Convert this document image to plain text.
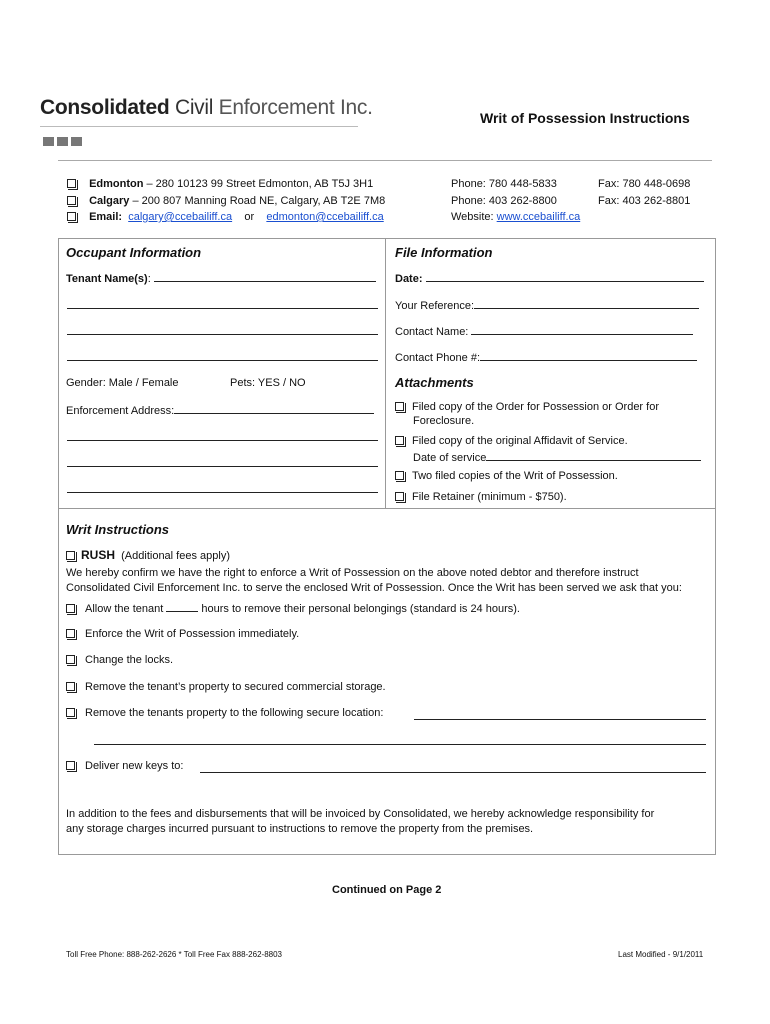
Consolidated Civil Enforcement Inc.	Writ of Possession Instructions
Edmonton – 280 10123 99 Street Edmonton, AB T5J 3H1	Phone: 780 448-5833	Fax: 780 448-0698
Calgary – 200 807 Manning Road NE, Calgary, AB T2E 7M8	Phone: 403 262-8800	Fax: 403 262-8801
Email: calgary@ccebailiff.ca or edmonton@ccebailiff.ca	Website: www.ccebailiff.ca
Occupant Information
Tenant Name(s):
Gender: Male / Female	Pets: YES / NO
Enforcement Address:
File Information
Date:
Your Reference:
Contact Name:
Contact Phone #:
Attachments
Filed copy of the Order for Possession or Order for
Foreclosure.
Filed copy of the original Affidavit of Service.
Date of service
Two filed copies of the Writ of Possession.
File Retainer (minimum - $750).
Writ Instructions
RUSH (Additional fees apply)
We hereby confirm we have the right to enforce a Writ of Possession on the above noted debtor and therefore instruct
Consolidated Civil Enforcement Inc. to serve the enclosed Writ of Possession. Once the Writ has been served we ask that you:
Allow the tenant	hours to remove their personal belongings (standard is 24 hours).
Enforce the Writ of Possession immediately.
Change the locks.
Remove the tenant’s property to secured commercial storage.
Remove the tenants property to the following secure location:
Deliver new keys to:
In addition to the fees and disbursements that will be invoiced by Consolidated, we hereby acknowledge responsibility for
any storage charges incurred pursuant to instructions to remove the property from the premises.
Continued on Page 2
Toll Free Phone: 888-262-2626 * Toll Free Fax 888-262-8803	Last Modified - 9/1/2011
